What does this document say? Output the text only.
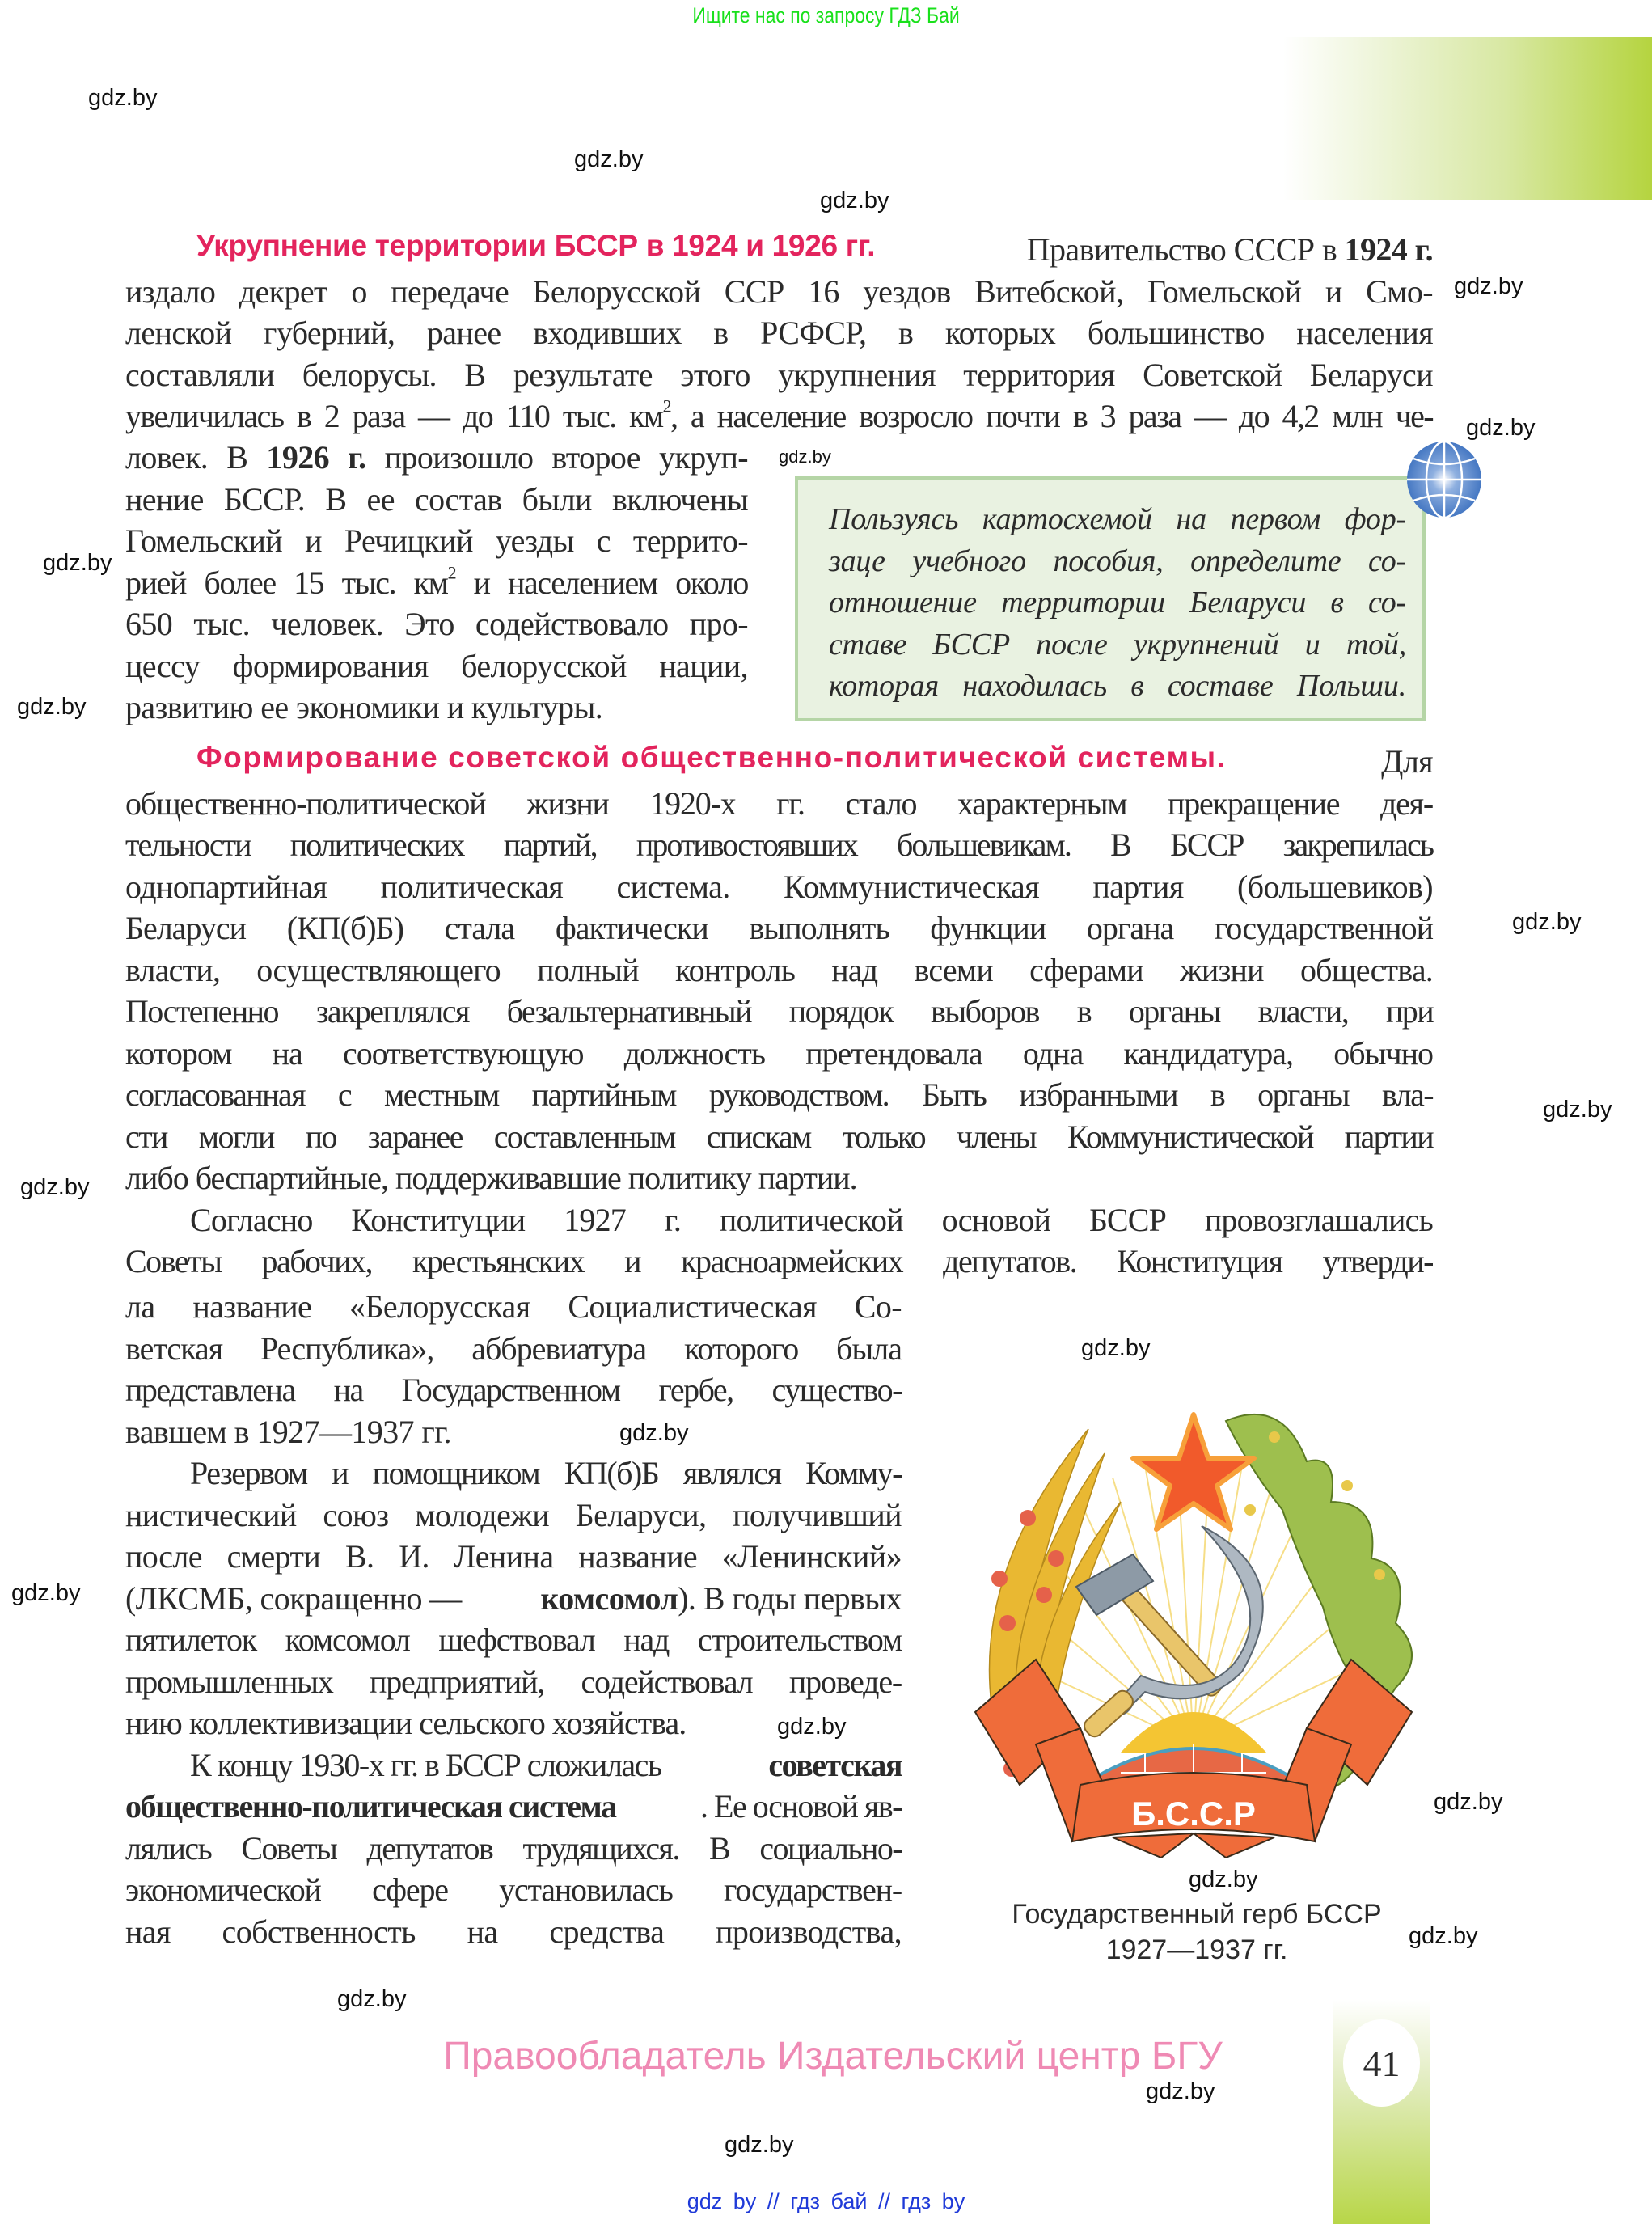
Ищите нас по запросу ГДЗ Бай
gdz.by
gdz.by
gdz.by
gdz.by
gdz.by
gdz.by
gdz.by
gdz.by
gdz.by
gdz.by
gdz.by
gdz.by
gdz.by
gdz.by
gdz.by
gdz.by
gdz.by
gdz.by
gdz.by
gdz.by
gdz.by
Укрупнение территории БССР в 1924 и 1926 гг.	Правительство СССР в 1924 г.
издало декрет о передаче Белорусской ССР 16 уездов Витебской, Гомельской и Смо-
ленской губерний, ранее входивших в РСФСР, в которых большинство населения
составляли белорусы. В результате этого укрупнения территория Советской Беларуси
увеличилась в 2 раза — до 110 тыс. $км^2$, а население возросло почти в 3 раза — до 4,2 млн че-
ловек. В 1926 г. произошло второе укруп-
нение БССР. В ее состав были включены
Гомельский и Речицкий уезды с террито-
рией более 15 тыс. $км^2$ и населением около
650 тыс. человек. Это содействовало про-
цессу формирования белорусской нации,
развитию ее экономики и культуры.
Пользуясь картосхемой на первом фор-
заце учебного пособия, определите со-
отношение территории Беларуси в со-
ставе БССР после укрупнений и той,
которая находилась в составе Польши.
Формирование советской общественно-политической системы.	Для
общественно-политической жизни 1920-х гг. стало характерным прекращение дея-
тельности политических партий, противостоявших большевикам. В БССР закрепилась
однопартийная политическая система. Коммунистическая партия (большевиков)
Беларуси (КП(б)Б) стала фактически выполнять функции органа государственной
власти, осуществляющего полный контроль над всеми сферами жизни общества.
Постепенно закреплялся безальтернативный порядок выборов в органы власти, при
котором на соответствующую должность претендовала одна кандидатура, обычно
согласованная с местным партийным руководством. Быть избранными в органы вла-
сти могли по заранее составленным спискам только члены Коммунистической партии
либо беспартийные, поддерживавшие политику партии.
Согласно Конституции 1927 г. политической основой БССР провозглашались
Советы рабочих, крестьянских и красноармейских депутатов. Конституция утверди-
ла название «Белорусская Социалистическая Со-
ветская Республика», аббревиатура которого была
представлена на Государственном гербе, существо-
вавшем в 1927—1937 гг.
Резервом и помощником КП(б)Б являлся Комму-
нистический союз молодежи Беларуси, получивший
после смерти В. И. Ленина название «Ленинский»
(ЛКСМБ, сокращенно — комсомол). В годы первых
пятилеток комсомол шефствовал над строительством
промышленных предприятий, содействовал проведе-
нию коллективизации сельского хозяйства.
К концу 1930-х гг. в БССР сложилась	советская
общественно-политическая система	. Ее основой яв-
лялись Советы депутатов трудящихся. В социально-
экономической сфере установилась государствен-
ная собственность на средства производства,
Б.С.С.Р
Государственный герб БССР
1927—1937 гг.
Правообладатель Издательский центр БГУ	41
gdz by // гдз бай // гдз by
